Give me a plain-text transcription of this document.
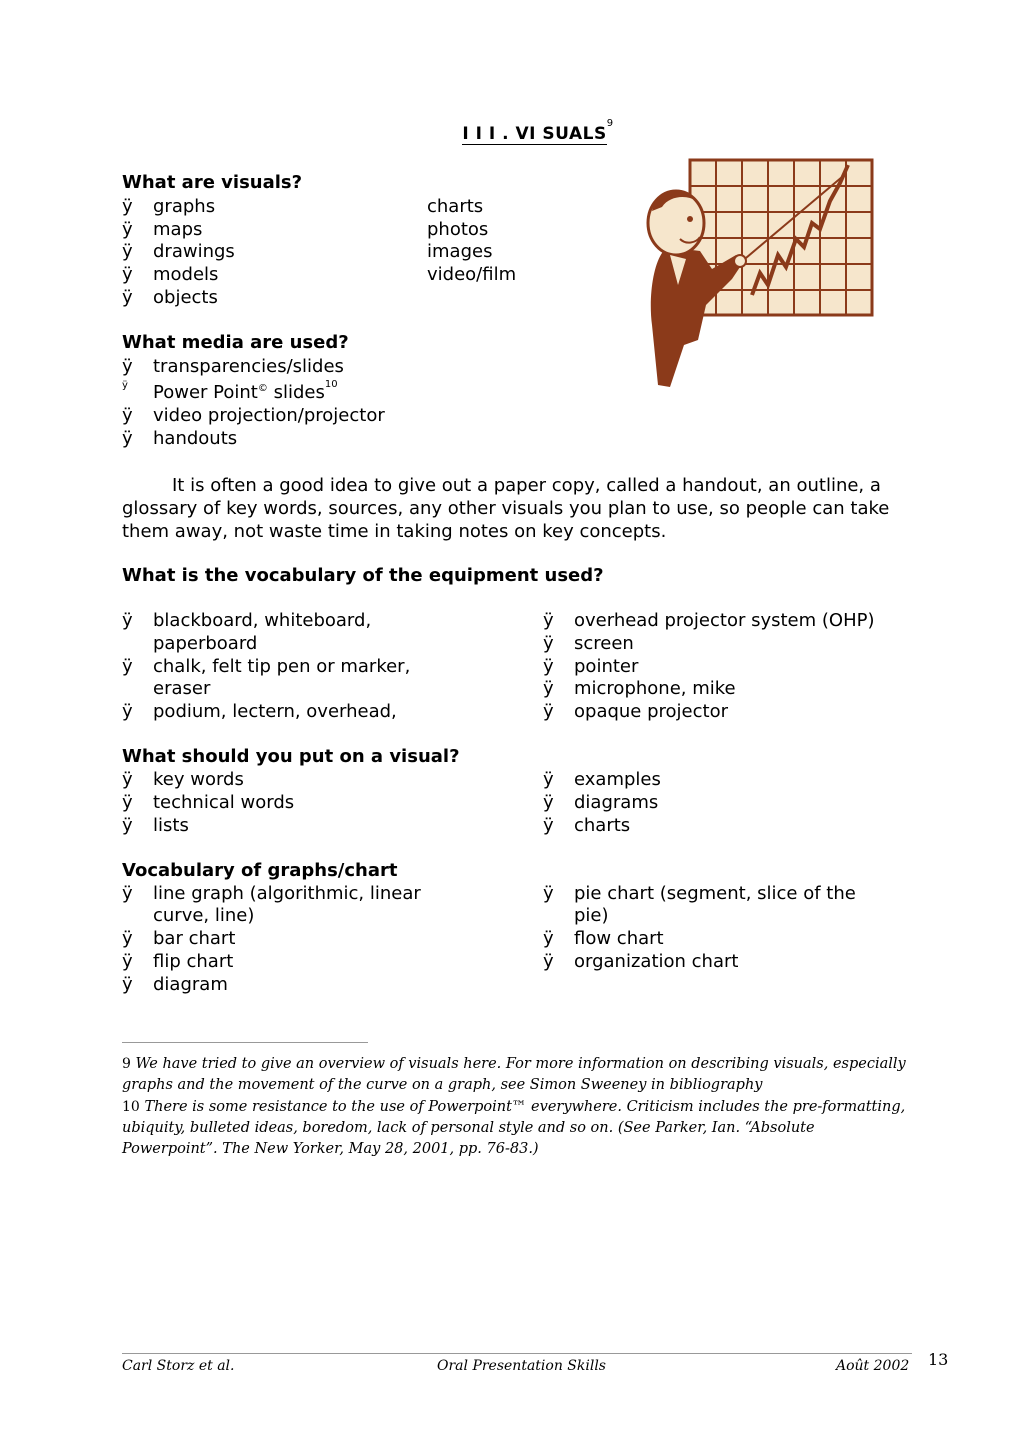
I I I . VI SUALS$^9$
What are visuals?
ÿ graphs
ÿ maps
ÿ drawings
ÿ models
ÿ objects
charts
photos
images
video/film
What media are used?
ÿ transparencies/slides
ÿ Power Point© slides$^{10}$
ÿ video projection/projector
ÿ handouts
It is often a good idea to give out a paper copy, called a handout, an outline, a glossary of key words, sources, any other visuals you plan to use, so people can take them away, not waste time in taking notes on key concepts.
What is the vocabulary of the equipment used?
ÿ blackboard, whiteboard,
paperboard
ÿ chalk, felt tip pen or marker,
eraser
ÿ podium, lectern, overhead,
ÿ overhead projector system (OHP)
ÿ screen
ÿ pointer
ÿ microphone, mike
ÿ opaque projector
What should you put on a visual?
ÿ key words
ÿ technical words
ÿ lists
ÿ examples
ÿ diagrams
ÿ charts
Vocabulary of graphs/chart
ÿ line graph (algorithmic, linear
curve, line)
ÿ bar chart
ÿ flip chart
ÿ diagram
ÿ pie chart (segment, slice of the
pie)
ÿ flow chart
ÿ organization chart
9 We have tried to give an overview of visuals here. For more information on describing visuals, especially graphs and the movement of the curve on a graph, see Simon Sweeney in bibliography
10 There is some resistance to the use of Powerpoint™ everywhere. Criticism includes the pre-formatting, ubiquity, bulleted ideas, boredom, lack of personal style and so on. (See Parker, Ian. “Absolute Powerpoint”. The New Yorker, May 28, 2001, pp. 76-83.)
Carl Storz et al.	Oral Presentation Skills	Août 2002 13
